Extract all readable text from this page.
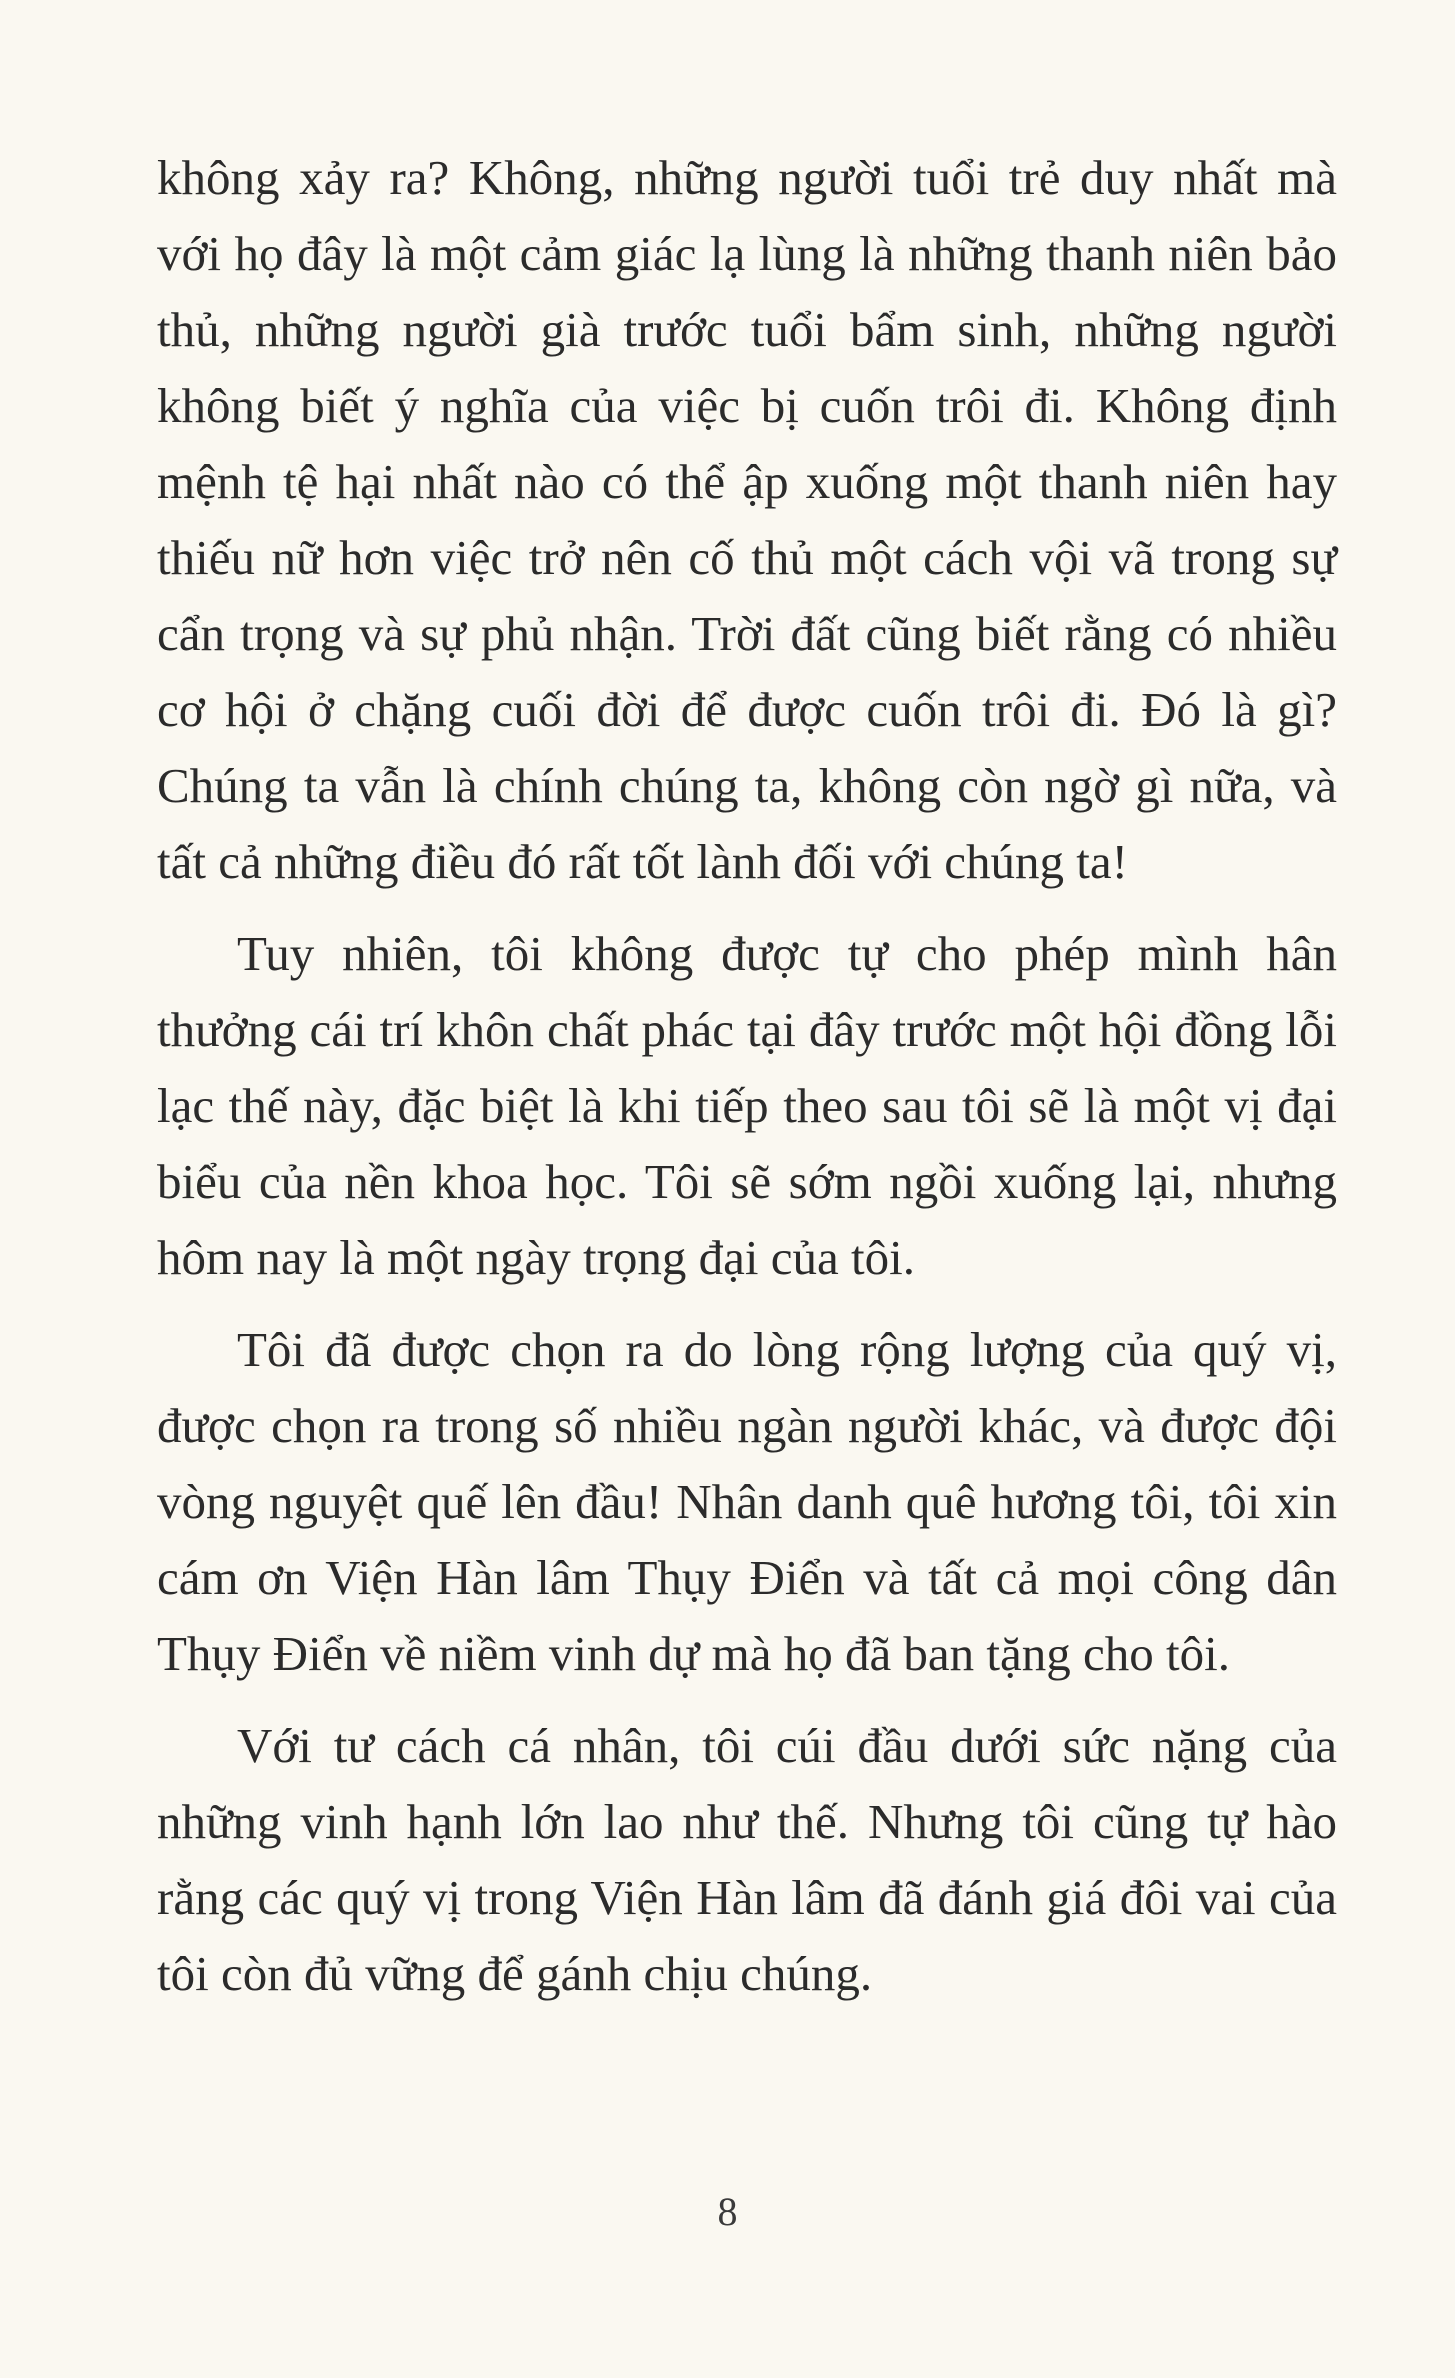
không xảy ra? Không, những người tuổi trẻ duy nhất mà với họ đây là một cảm giác lạ lùng là những thanh niên bảo thủ, những người già trước tuổi bẩm sinh, những người không biết ý nghĩa của việc bị cuốn trôi đi. Không định mệnh tệ hại nhất nào có thể ập xuống một thanh niên hay thiếu nữ hơn việc trở nên cố thủ một cách vội vã trong sự cẩn trọng và sự phủ nhận. Trời đất cũng biết rằng có nhiều cơ hội ở chặng cuối đời để được cuốn trôi đi. Đó là gì? Chúng ta vẫn là chính chúng ta, không còn ngờ gì nữa, và tất cả những điều đó rất tốt lành đối với chúng ta!

Tuy nhiên, tôi không được tự cho phép mình hân thưởng cái trí khôn chất phác tại đây trước một hội đồng lỗi lạc thế này, đặc biệt là khi tiếp theo sau tôi sẽ là một vị đại biểu của nền khoa học. Tôi sẽ sớm ngồi xuống lại, nhưng hôm nay là một ngày trọng đại của tôi.

Tôi đã được chọn ra do lòng rộng lượng của quý vị, được chọn ra trong số nhiều ngàn người khác, và được đội vòng nguyệt quế lên đầu! Nhân danh quê hương tôi, tôi xin cám ơn Viện Hàn lâm Thụy Điển và tất cả mọi công dân Thụy Điển về niềm vinh dự mà họ đã ban tặng cho tôi.

Với tư cách cá nhân, tôi cúi đầu dưới sức nặng của những vinh hạnh lớn lao như thế. Nhưng tôi cũng tự hào rằng các quý vị trong Viện Hàn lâm đã đánh giá đôi vai của tôi còn đủ vững để gánh chịu chúng.

8
